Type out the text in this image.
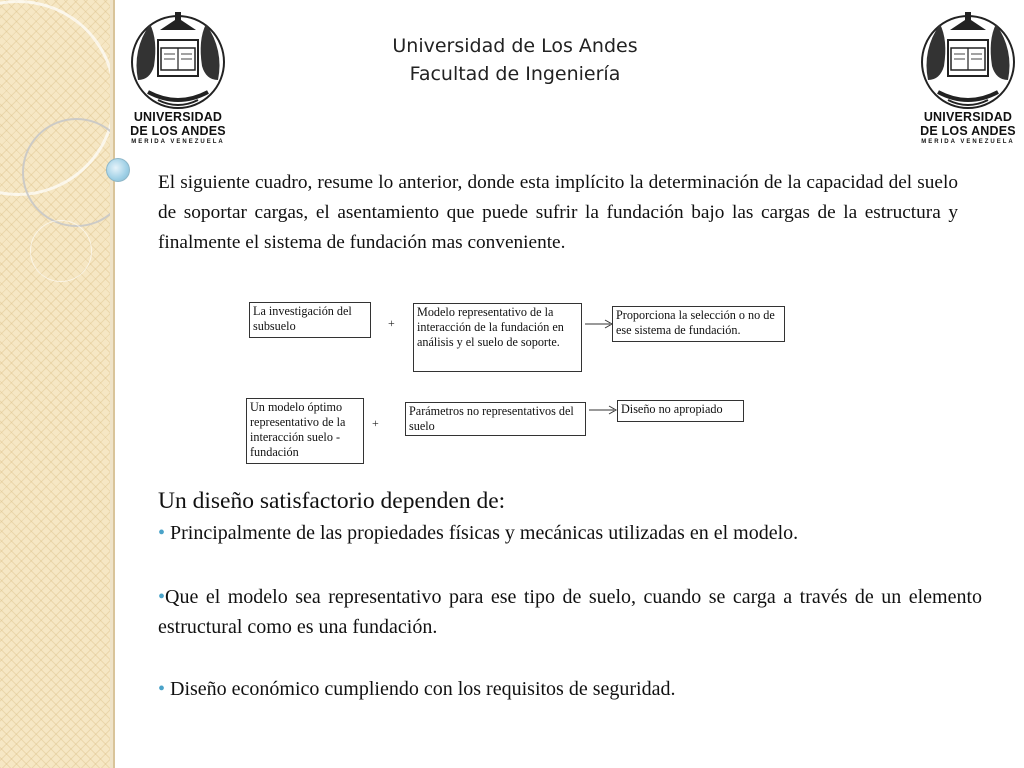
UNIVERSIDAD
DE LOS ANDES
MERIDA VENEZUELA
UNIVERSIDAD
DE LOS ANDES
MERIDA VENEZUELA
Universidad de Los Andes
Facultad de Ingeniería
El siguiente cuadro, resume lo anterior, donde esta implícito la determinación de la capacidad del suelo de soportar cargas, el asentamiento que puede sufrir la fundación bajo las cargas de la estructura y finalmente el sistema de fundación mas conveniente.
La investigación del subsuelo	+
Modelo representativo de la interacción de la fundación en análisis y el suelo de soporte.
Proporciona la selección o no de ese sistema de fundación.
Un modelo óptimo representativo de la interacción suelo - fundación
+
Parámetros no representativos del suelo
Diseño no apropiado
Un diseño satisfactorio dependen de:
• Principalmente de las propiedades físicas y mecánicas utilizadas en el modelo.
•Que el modelo sea representativo para ese tipo de suelo, cuando se carga a través de un elemento estructural como es una fundación.
• Diseño económico cumpliendo con los requisitos de seguridad.
